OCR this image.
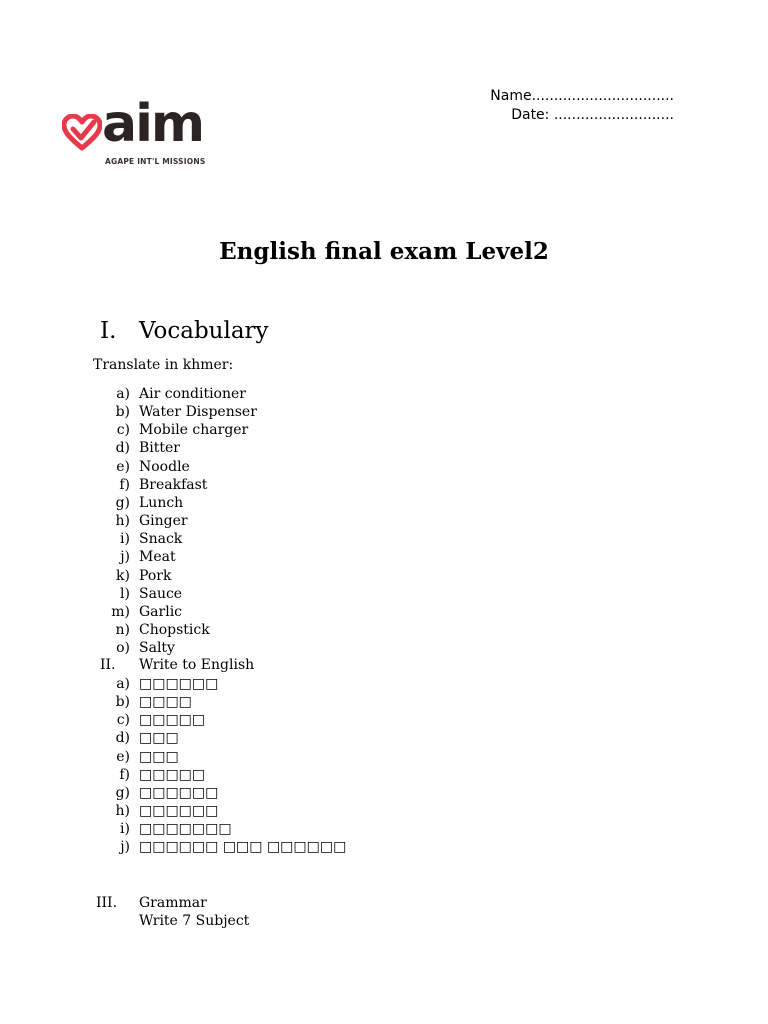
Name................................
Date: ...........................
aim
AGAPE INT'L MISSIONS
English final exam Level2
I. Vocabulary
Translate in khmer:
a) Air conditioner
b) Water Dispenser
c) Mobile charger
d) Bitter
e) Noodle
f) Breakfast
g) Lunch
h) Ginger
i) Snack
j) Meat
k) Pork
l) Sauce
m) Garlic
n) Chopstick
o) Salty
II. Write to English
a) □□□□□□
b) □□□□
c) □□□□□
d) □□□
e) □□□
f) □□□□□
g) □□□□□□
h) □□□□□□
i) □□□□□□□
j) □□□□□□ □□□ □□□□□□
III. Grammar
Write 7 Subject
